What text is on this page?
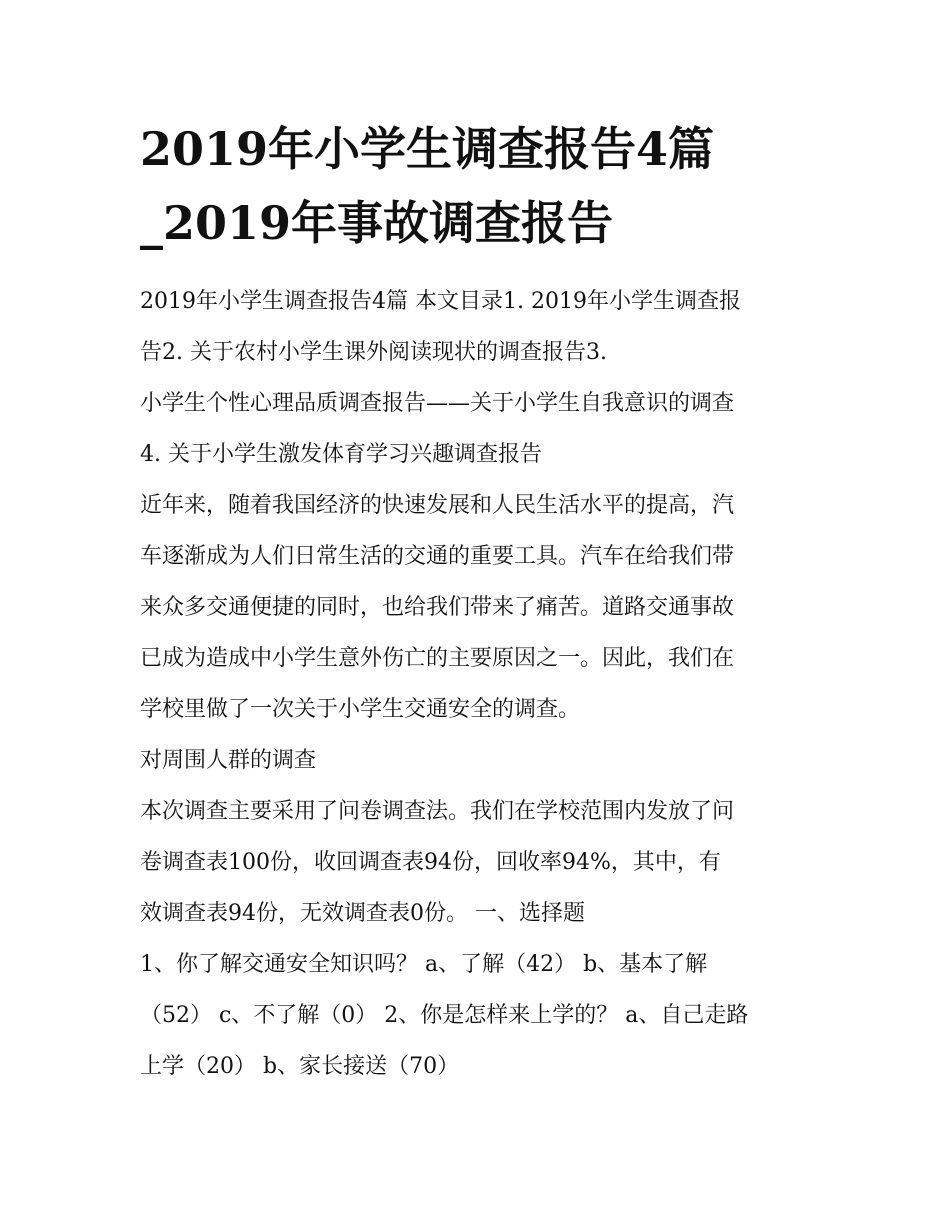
2019年小学生调查报告4篇
_2019年事故调查报告
2019年小学生调查报告4篇 本文目录1. 2019年小学生调查报
告2. 关于农村小学生课外阅读现状的调查报告3.
小学生个性心理品质调查报告——关于小学生自我意识的调查
4. 关于小学生激发体育学习兴趣调查报告
近年来，随着我国经济的快速发展和人民生活水平的提高，汽
车逐渐成为人们日常生活的交通的重要工具。汽车在给我们带
来众多交通便捷的同时，也给我们带来了痛苦。道路交通事故
已成为造成中小学生意外伤亡的主要原因之一。因此，我们在
学校里做了一次关于小学生交通安全的调查。
对周围人群的调查
本次调查主要采用了问卷调查法。我们在学校范围内发放了问
卷调查表100份，收回调查表94份，回收率94%，其中，有
效调查表94份，无效调查表0份。 一、选择题
1、你了解交通安全知识吗？ a、了解（42） b、基本了解
（52） c、不了解（0） 2、你是怎样来上学的？ a、自己走路
上学（20） b、家长接送（70）
